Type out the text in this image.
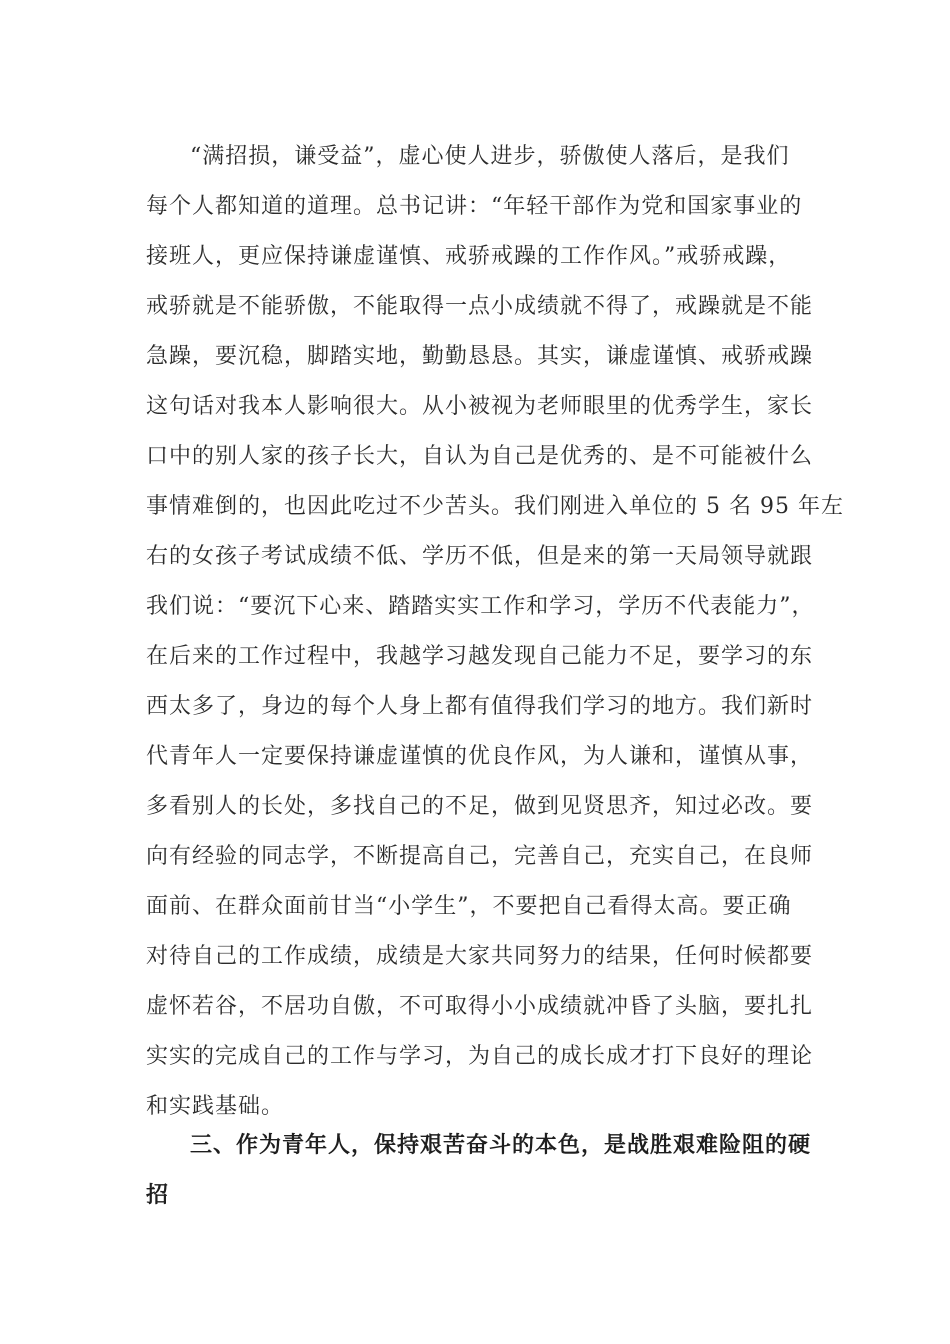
“满招损，谦受益”，虚心使人进步，骄傲使人落后，是我们
每个人都知道的道理。总书记讲：“年轻干部作为党和国家事业的
接班人，更应保持谦虚谨慎、戒骄戒躁的工作作风。”戒骄戒躁，
戒骄就是不能骄傲，不能取得一点小成绩就不得了，戒躁就是不能
急躁，要沉稳，脚踏实地，勤勤恳恳。其实，谦虚谨慎、戒骄戒躁
这句话对我本人影响很大。从小被视为老师眼里的优秀学生，家长
口中的别人家的孩子长大，自认为自己是优秀的、是不可能被什么
事情难倒的，也因此吃过不少苦头。我们刚进入单位的 5 名 95 年左
右的女孩子考试成绩不低、学历不低，但是来的第一天局领导就跟
我们说：“要沉下心来、踏踏实实工作和学习，学历不代表能力”，
在后来的工作过程中，我越学习越发现自己能力不足，要学习的东
西太多了，身边的每个人身上都有值得我们学习的地方。我们新时
代青年人一定要保持谦虚谨慎的优良作风，为人谦和，谨慎从事，
多看别人的长处，多找自己的不足，做到见贤思齐，知过必改。要
向有经验的同志学，不断提高自己，完善自己，充实自己，在良师
面前、在群众面前甘当“小学生”，不要把自己看得太高。要正确
对待自己的工作成绩，成绩是大家共同努力的结果，任何时候都要
虚怀若谷，不居功自傲，不可取得小小成绩就冲昏了头脑，要扎扎
实实的完成自己的工作与学习，为自己的成长成才打下良好的理论
和实践基础。
三、作为青年人，保持艰苦奋斗的本色，是战胜艰难险阻的硬
招
